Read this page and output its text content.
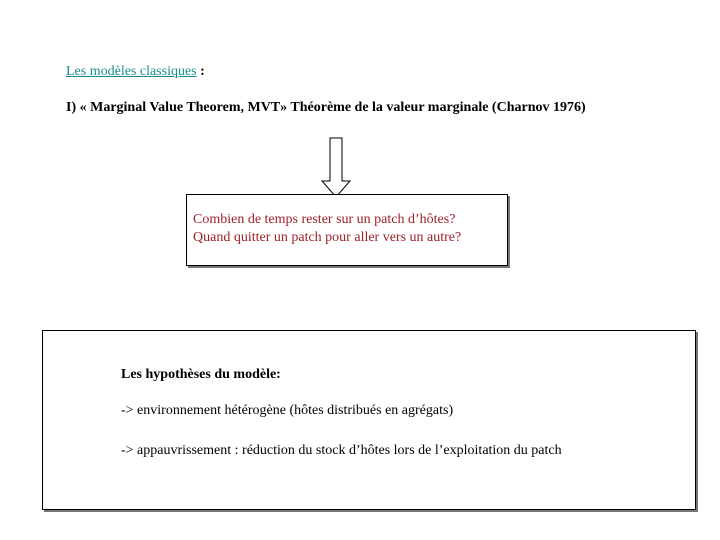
Les modèles classiques :
I) « Marginal Value Theorem, MVT» Théorème de la valeur marginale (Charnov 1976)
Combien de temps rester sur un patch d’hôtes?
Quand quitter un patch pour aller vers un autre?
Les hypothèses du modèle:
-> environnement hétérogène (hôtes distribués en agrégats)
-> appauvrissement : réduction du stock d’hôtes lors de l’exploitation du patch
